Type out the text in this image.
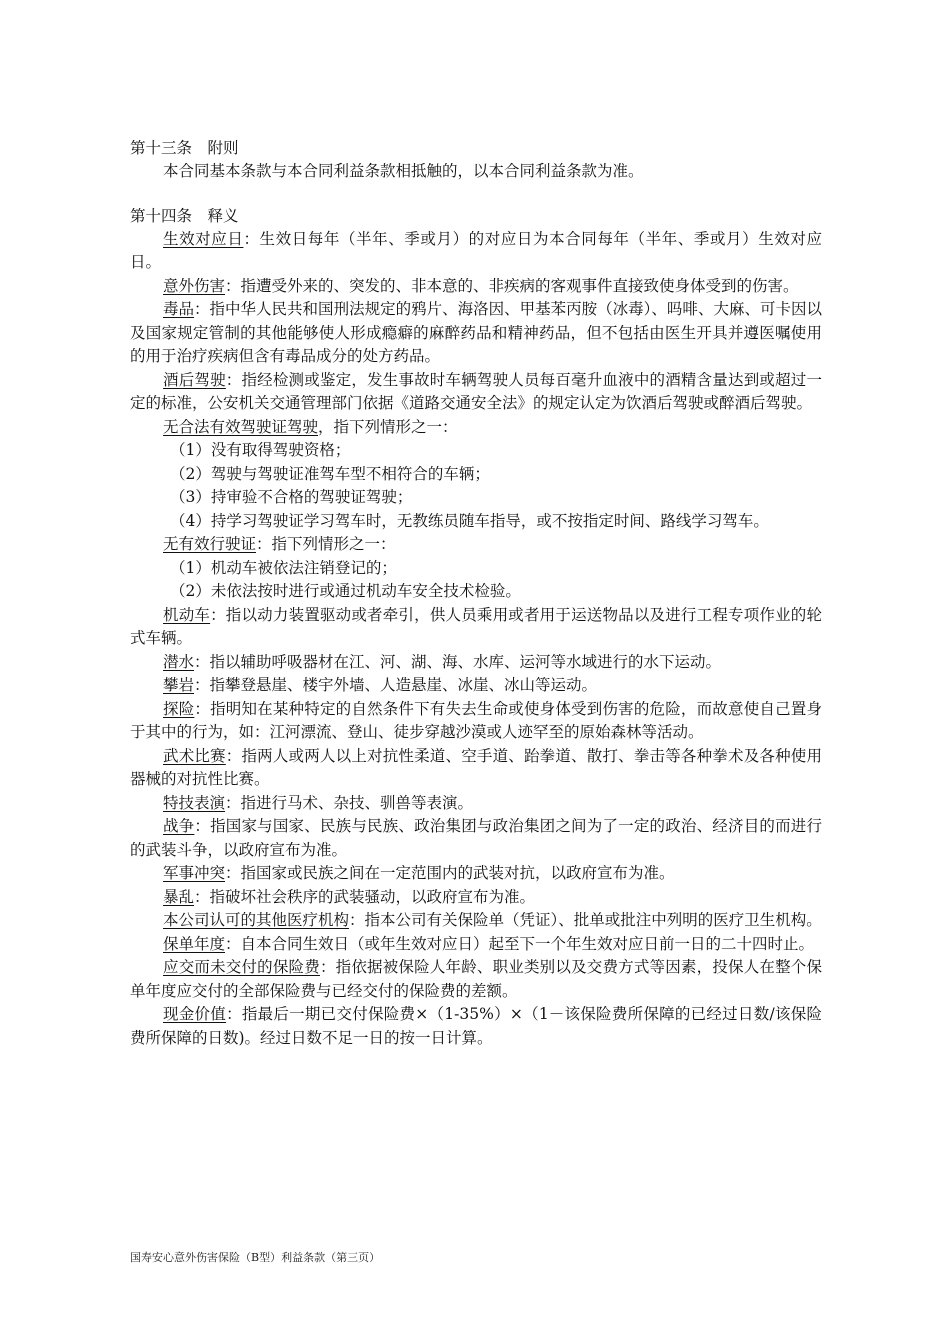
第十三条　附则

本合同基本条款与本合同利益条款相抵触的，以本合同利益条款为准。

第十四条　释义

生效对应日：生效日每年（半年、季或月）的对应日为本合同每年（半年、季或月）生效对应日。

意外伤害：指遭受外来的、突发的、非本意的、非疾病的客观事件直接致使身体受到的伤害。

毒品：指中华人民共和国刑法规定的鸦片、海洛因、甲基苯丙胺（冰毒）、吗啡、大麻、可卡因以及国家规定管制的其他能够使人形成瘾癖的麻醉药品和精神药品，但不包括由医生开具并遵医嘱使用的用于治疗疾病但含有毒品成分的处方药品。

酒后驾驶：指经检测或鉴定，发生事故时车辆驾驶人员每百毫升血液中的酒精含量达到或超过一定的标准，公安机关交通管理部门依据《道路交通安全法》的规定认定为饮酒后驾驶或醉酒后驾驶。

无合法有效驾驶证驾驶，指下列情形之一：

（1）没有取得驾驶资格；

（2）驾驶与驾驶证准驾车型不相符合的车辆；

（3）持审验不合格的驾驶证驾驶；

（4）持学习驾驶证学习驾车时，无教练员随车指导，或不按指定时间、路线学习驾车。

无有效行驶证：指下列情形之一：

（1）机动车被依法注销登记的；

（2）未依法按时进行或通过机动车安全技术检验。

机动车：指以动力装置驱动或者牵引，供人员乘用或者用于运送物品以及进行工程专项作业的轮式车辆。

潜水：指以辅助呼吸器材在江、河、湖、海、水库、运河等水域进行的水下运动。

攀岩：指攀登悬崖、楼宇外墙、人造悬崖、冰崖、冰山等运动。

探险：指明知在某种特定的自然条件下有失去生命或使身体受到伤害的危险，而故意使自己置身于其中的行为，如：江河漂流、登山、徒步穿越沙漠或人迹罕至的原始森林等活动。

武术比赛：指两人或两人以上对抗性柔道、空手道、跆拳道、散打、拳击等各种拳术及各种使用器械的对抗性比赛。

特技表演：指进行马术、杂技、驯兽等表演。

战争：指国家与国家、民族与民族、政治集团与政治集团之间为了一定的政治、经济目的而进行的武装斗争，以政府宣布为准。

军事冲突：指国家或民族之间在一定范围内的武装对抗，以政府宣布为准。

暴乱：指破坏社会秩序的武装骚动，以政府宣布为准。

本公司认可的其他医疗机构：指本公司有关保险单（凭证）、批单或批注中列明的医疗卫生机构。

保单年度：自本合同生效日（或年生效对应日）起至下一个年生效对应日前一日的二十四时止。

应交而未交付的保险费：指依据被保险人年龄、职业类别以及交费方式等因素，投保人在整个保单年度应交付的全部保险费与已经交付的保险费的差额。

现金价值：指最后一期已交付保险费×（1-35%）×（1－该保险费所保障的已经过日数/该保险费所保障的日数)。经过日数不足一日的按一日计算。

国寿安心意外伤害保险（B型）利益条款（第三页）
